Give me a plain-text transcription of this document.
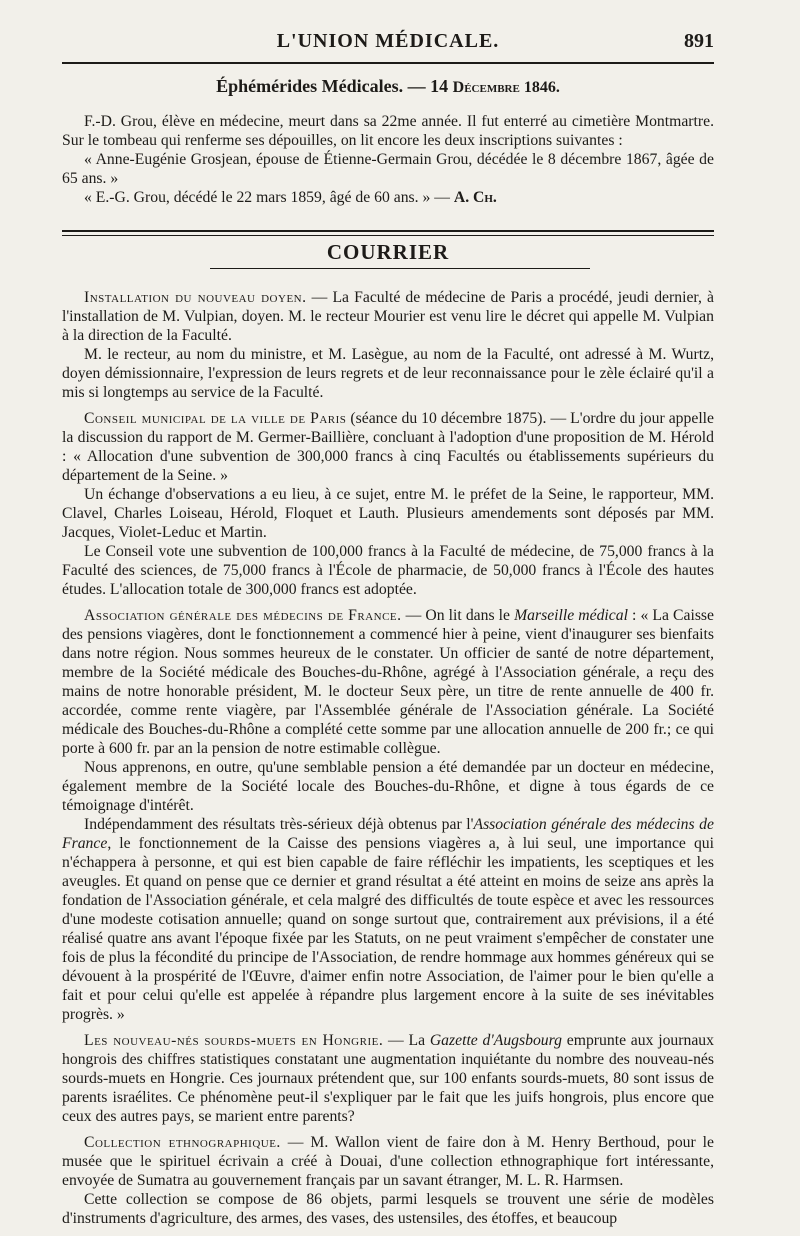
L'UNION MÉDICALE.	891
Éphémérides Médicales. — 14 Décembre 1846.

F.-D. Grou, élève en médecine, meurt dans sa 22me année. Il fut enterré au cimetière Montmartre. Sur le tombeau qui renferme ses dépouilles, on lit encore les deux inscriptions suivantes :

« Anne-Eugénie Grosjean, épouse de Étienne-Germain Grou, décédée le 8 décembre 1867, âgée de 65 ans. »

« E.-G. Grou, décédé le 22 mars 1859, âgé de 60 ans. » — A. Ch.

COURRIER

Installation du nouveau doyen. — La Faculté de médecine de Paris a procédé, jeudi dernier, à l'installation de M. Vulpian, doyen. M. le recteur Mourier est venu lire le décret qui appelle M. Vulpian à la direction de la Faculté.

M. le recteur, au nom du ministre, et M. Lasègue, au nom de la Faculté, ont adressé à M. Wurtz, doyen démissionnaire, l'expression de leurs regrets et de leur reconnaissance pour le zèle éclairé qu'il a mis si longtemps au service de la Faculté.

Conseil municipal de la ville de Paris (séance du 10 décembre 1875). — L'ordre du jour appelle la discussion du rapport de M. Germer-Baillière, concluant à l'adoption d'une proposition de M. Hérold : « Allocation d'une subvention de 300,000 francs à cinq Facultés ou établissements supérieurs du département de la Seine. »

Un échange d'observations a eu lieu, à ce sujet, entre M. le préfet de la Seine, le rapporteur, MM. Clavel, Charles Loiseau, Hérold, Floquet et Lauth. Plusieurs amendements sont déposés par MM. Jacques, Violet-Leduc et Martin.

Le Conseil vote une subvention de 100,000 francs à la Faculté de médecine, de 75,000 francs à la Faculté des sciences, de 75,000 francs à l'École de pharmacie, de 50,000 francs à l'École des hautes études. L'allocation totale de 300,000 francs est adoptée.

Association générale des médecins de France. — On lit dans le Marseille médical : « La Caisse des pensions viagères, dont le fonctionnement a commencé hier à peine, vient d'inaugurer ses bienfaits dans notre région. Nous sommes heureux de le constater. Un officier de santé de notre département, membre de la Société médicale des Bouches-du-Rhône, agrégé à l'Association générale, a reçu des mains de notre honorable président, M. le docteur Seux père, un titre de rente annuelle de 400 fr. accordée, comme rente viagère, par l'Assemblée générale de l'Association générale. La Société médicale des Bouches-du-Rhône a complété cette somme par une allocation annuelle de 200 fr.; ce qui porte à 600 fr. par an la pension de notre estimable collègue.

Nous apprenons, en outre, qu'une semblable pension a été demandée par un docteur en médecine, également membre de la Société locale des Bouches-du-Rhône, et digne à tous égards de ce témoignage d'intérêt.

Indépendamment des résultats très-sérieux déjà obtenus par l'Association générale des médecins de France, le fonctionnement de la Caisse des pensions viagères a, à lui seul, une importance qui n'échappera à personne, et qui est bien capable de faire réfléchir les impatients, les sceptiques et les aveugles. Et quand on pense que ce dernier et grand résultat a été atteint en moins de seize ans après la fondation de l'Association générale, et cela malgré des difficultés de toute espèce et avec les ressources d'une modeste cotisation annuelle; quand on songe surtout que, contrairement aux prévisions, il a été réalisé quatre ans avant l'époque fixée par les Statuts, on ne peut vraiment s'empêcher de constater une fois de plus la fécondité du principe de l'Association, de rendre hommage aux hommes généreux qui se dévouent à la prospérité de l'Œuvre, d'aimer enfin notre Association, de l'aimer pour le bien qu'elle a fait et pour celui qu'elle est appelée à répandre plus largement encore à la suite de ses inévitables progrès. »

Les nouveau-nés sourds-muets en Hongrie. — La Gazette d'Augsbourg emprunte aux journaux hongrois des chiffres statistiques constatant une augmentation inquiétante du nombre des nouveau-nés sourds-muets en Hongrie. Ces journaux prétendent que, sur 100 enfants sourds-muets, 80 sont issus de parents israélites. Ce phénomène peut-il s'expliquer par le fait que les juifs hongrois, plus encore que ceux des autres pays, se marient entre parents?

Collection ethnographique. — M. Wallon vient de faire don à M. Henry Berthoud, pour le musée que le spirituel écrivain a créé à Douai, d'une collection ethnographique fort intéressante, envoyée de Sumatra au gouvernement français par un savant étranger, M. L. R. Harmsen.

Cette collection se compose de 86 objets, parmi lesquels se trouvent une série de modèles d'instruments d'agriculture, des armes, des vases, des ustensiles, des étoffes, et beaucoup
